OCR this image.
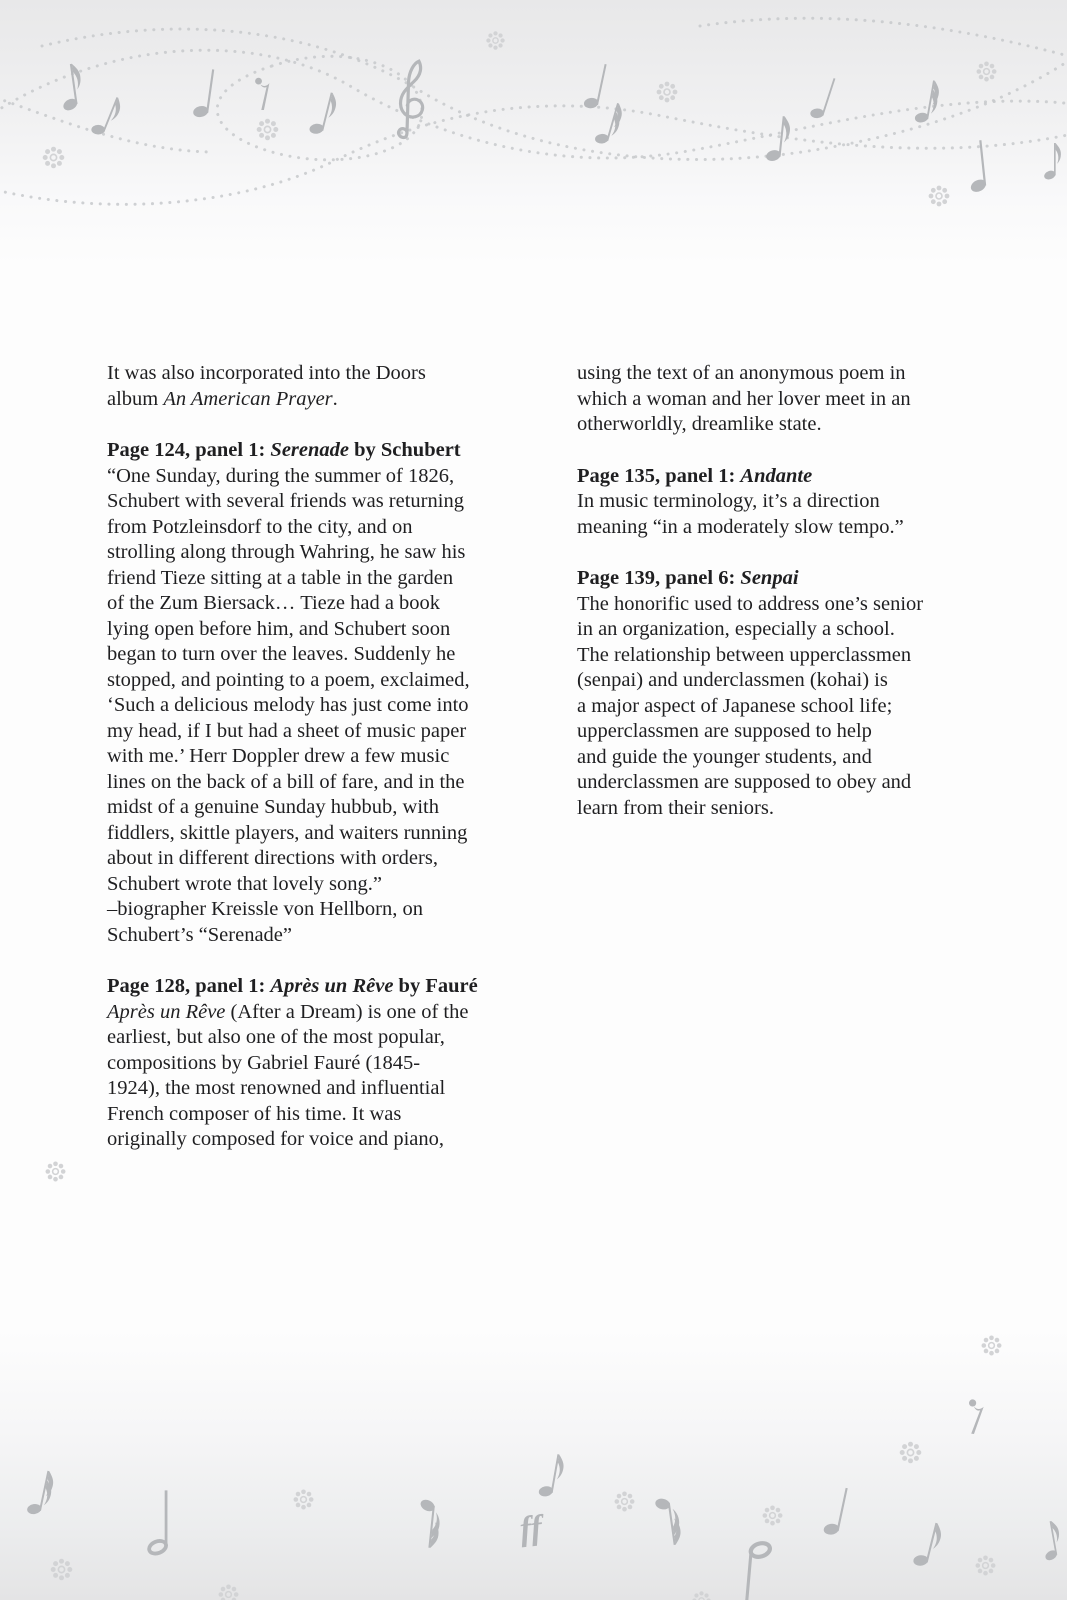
ff
It was also incorporated into the Doors
album An American Prayer.
Page 124, panel 1: Serenade by Schubert
“One Sunday, during the summer of 1826,
Schubert with several friends was returning
from Potzleinsdorf to the city, and on
strolling along through Wahring, he saw his
friend Tieze sitting at a table in the garden
of the Zum Biersack… Tieze had a book
lying open before him, and Schubert soon
began to turn over the leaves. Suddenly he
stopped, and pointing to a poem, exclaimed,
‘Such a delicious melody has just come into
my head, if I but had a sheet of music paper
with me.’ Herr Doppler drew a few music
lines on the back of a bill of fare, and in the
midst of a genuine Sunday hubbub, with
fiddlers, skittle players, and waiters running
about in different directions with orders,
Schubert wrote that lovely song.”
–biographer Kreissle von Hellborn, on
Schubert’s “Serenade”
Page 128, panel 1: Après un Rêve by Fauré
Après un Rêve (After a Dream) is one of the
earliest, but also one of the most popular,
compositions by Gabriel Fauré (1845-
1924), the most renowned and influential
French composer of his time. It was
originally composed for voice and piano,
using the text of an anonymous poem in
which a woman and her lover meet in an
otherworldly, dreamlike state.
Page 135, panel 1: Andante
In music terminology, it’s a direction
meaning “in a moderately slow tempo.”
Page 139, panel 6: Senpai
The honorific used to address one’s senior
in an organization, especially a school.
The relationship between upperclassmen
(senpai) and underclassmen (kohai) is
a major aspect of Japanese school life;
upperclassmen are supposed to help
and guide the younger students, and
underclassmen are supposed to obey and
learn from their seniors.
